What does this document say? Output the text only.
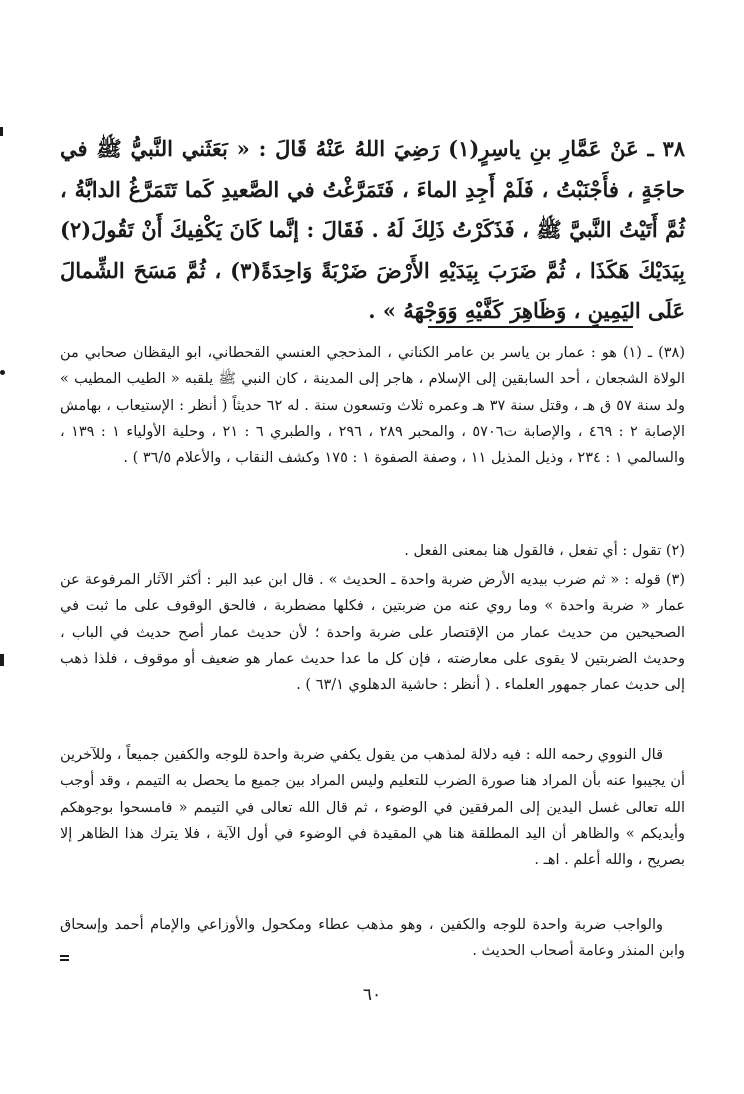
٣٨ ـ عَنْ عَمَّارِ بنِ ياسِرٍ(١) رَضِيَ اللهُ عَنْهُ قَالَ : « بَعَثَني النَّبيُّ ﷺ في حاجَةٍ ، فأَجْنَبْتُ ، فَلَمْ أَجِدِ الماءَ ، فَتَمَرَّغْتُ في الصَّعيدِ كَما تَتَمَرَّغُ الدابَّةُ ، ثُمَّ أَتَيْتُ النَّبيَّ ﷺ ، فَذَكَرْتُ ذَلِكَ لَهُ . فَقَالَ : إنَّما كَانَ يَكْفِيكَ أَنْ تَقُولَ(٢) بِيَدَيْكَ هَكَذَا ، ثُمَّ ضَرَبَ بِيَدَيْهِ الأَرْضَ ضَرْبَةً وَاحِدَةً(٣) ، ثُمَّ مَسَحَ الشِّمالَ عَلَى اليَمِينِ ، وَظَاهِرَ كَفَّيْهِ وَوَجْهَهُ » .

(٣٨) ـ (١) هو : عمار بن ياسر بن عامر الكناني ، المذحجي العنسي القحطاني، ابو اليقظان صحابي من الولاة الشجعان ، أحد السابقين إلى الإسلام ، هاجر إلى المدينة ، كان النبي ﷺ يلقبه « الطيب المطيب » ولد سنة ٥٧ ق هـ ، وقتل سنة ٣٧ هـ وعمره ثلاث وتسعون سنة . له ٦٢ حديثاً ( أنظر : الإستيعاب ، بهامش الإصابة ٢ : ٤٦٩ ، والإصابة ت٥٧٠٦ ، والمحبر ٢٨٩ ، ٢٩٦ ، والطبري ٦ : ٢١ ، وحلية الأولياء ١ : ١٣٩ ، والسالمي ١ : ٢٣٤ ، وذيل المذيل ١١ ، وصفة الصفوة ١ : ١٧٥ وكشف النقاب ، والأعلام ٣٦/٥ ) .

(٢) تقول : أي تفعل ، فالقول هنا بمعنى الفعل .

(٣) قوله : « ثم ضرب بيديه الأرض ضربة واحدة ـ الحديث » . قال ابن عبد البر : أكثر الآثار المرفوعة عن عمار « ضربة واحدة » وما روي عنه من ضربتين ، فكلها مضطربة ، فالحق الوقوف على ما ثبت في الصحيحين من حديث عمار من الإقتصار على ضربة واحدة ؛ لأن حديث عمار أصح حديث في الباب ، وحديث الضربتين لا يقوى على معارضته ، فإن كل ما عدا حديث عمار هو ضعيف أو موقوف ، فلذا ذهب إلى حديث عمار جمهور العلماء . ( أنظر : حاشية الدهلوي ٦٣/١ ) .

قال النووي رحمه الله : فيه دلالة لمذهب من يقول يكفي ضربة واحدة للوجه والكفين جميعاً ، وللآخرين أن يجيبوا عنه بأن المراد هنا صورة الضرب للتعليم وليس المراد بين جميع ما يحصل به التيمم ، وقد أوجب الله تعالى غسل اليدين إلى المرفقين في الوضوء ، ثم قال الله تعالى في التيمم « فامسحوا بوجوهكم وأيديكم » والظاهر أن اليد المطلقة هنا هي المقيدة في الوضوء في أول الآية ، فلا يترك هذا الظاهر إلا بصريح ، والله أعلم . اهـ .

والواجب ضربة واحدة للوجه والكفين ، وهو مذهب عطاء ومكحول والأوزاعي والإمام أحمد وإسحاق وابن المنذر وعامة أصحاب الحديث .

٦٠
